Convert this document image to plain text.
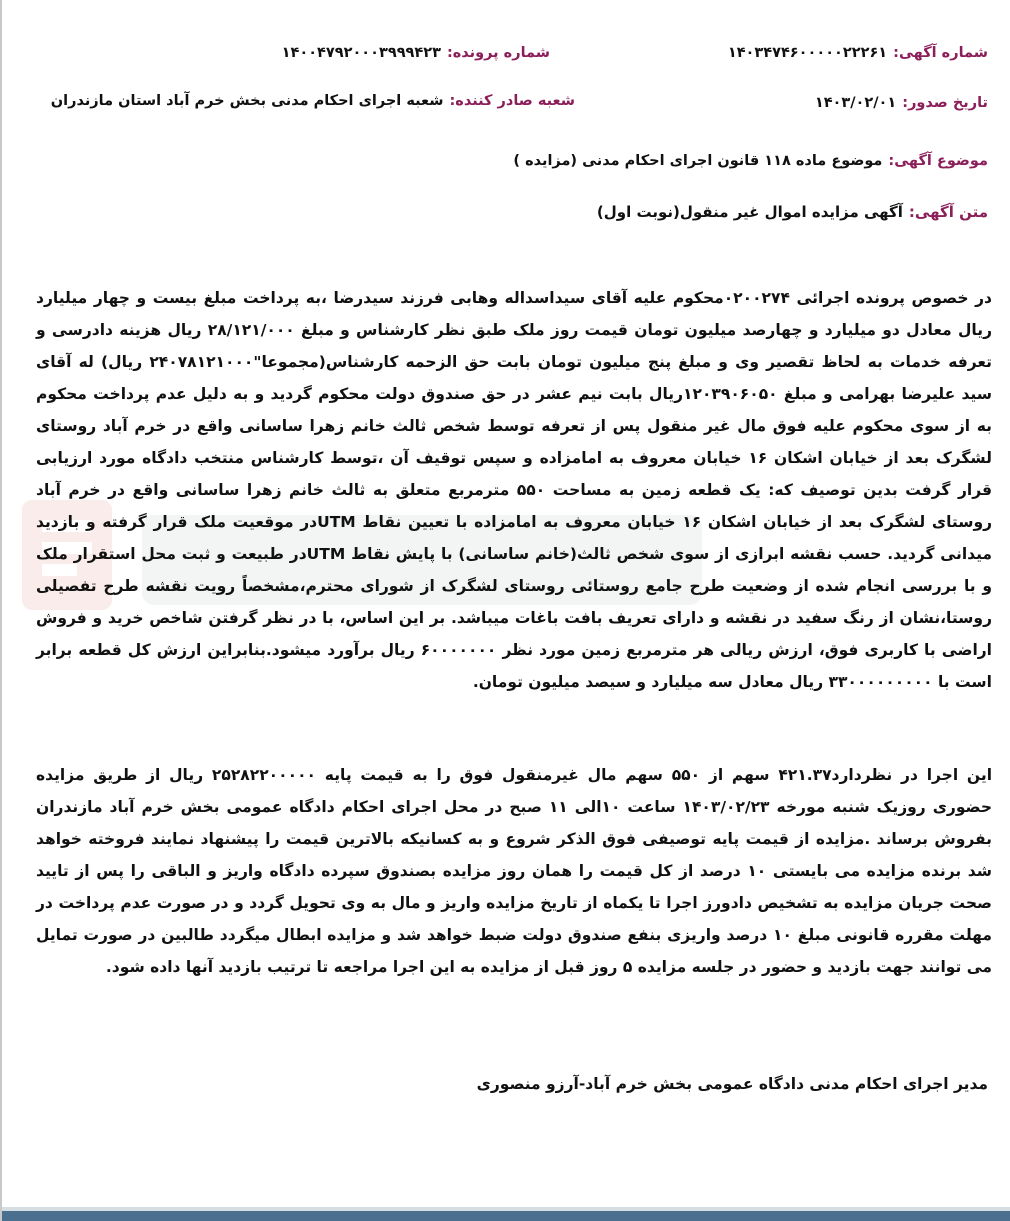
شماره آگهی:۱۴۰۳۴۷۴۶۰۰۰۰۰۲۲۲۶۱
شماره پرونده:۱۴۰۰۴۷۹۲۰۰۰۳۹۹۹۴۲۳
تاریخ صدور:۱۴۰۳/۰۲/۰۱
شعبه صادر کننده:شعبه اجرای احکام مدنی بخش خرم آباد استان مازندران
موضوع آگهی:موضوع ماده ۱۱۸ قانون اجرای احکام مدنی (مزایده )
متن آگهی:آگهی مزایده اموال غیر منقول(نوبت اول)
در خصوص پرونده اجرائی ۰۲۰۰۲۷۴محکوم علیه آقای سیداسداله وهابی فرزند سیدرضا ،به پرداخت مبلغ بیست و چهار میلیارد ریال معادل دو میلیارد و چهارصد میلیون تومان قیمت روز ملک طبق نظر کارشناس و مبلغ ۲۸/۱۲۱/۰۰۰ ریال هزینه دادرسی و تعرفه خدمات به لحاظ تقصیر وی و مبلغ پنج میلیون تومان بابت حق الزحمه کارشناس(مجموعا"۲۴۰۷۸۱۲۱۰۰۰ ریال) له آقای سید علیرضا بهرامی و مبلغ ۱۲۰۳۹۰۶۰۵۰ریال بابت نیم عشر در حق صندوق دولت محکوم گردید و به دلیل عدم پرداخت محکوم به از سوی محکوم علیه فوق مال غیر منقول پس از تعرفه توسط شخص ثالث خانم زهرا ساسانی واقع در خرم آباد روستای لشگرک بعد از خیابان اشکان ۱۶ خیابان معروف به امامزاده و سپس توقیف آن ،توسط کارشناس منتخب دادگاه مورد ارزیابی قرار گرفت بدین توصیف که: یک قطعه زمین به مساحت ۵۵۰ مترمربع متعلق به ثالث خانم زهرا ساسانی واقع در خرم آباد روستای لشگرک بعد از خیابان اشکان ۱۶ خیابان معروف به امامزاده با تعیین نقاط UTMدر موقعیت ملک قرار گرفته و بازدید میدانی گردید. حسب نقشه ابرازی از سوی شخص ثالث(خانم ساسانی) با پایش نقاط UTMدر طبیعت و ثبت محل استقرار ملک و با بررسی انجام شده از وضعیت طرح جامع روستائی روستای لشگرک از شورای محترم،مشخصاً رویت نقشه طرح تفصیلی روستا،نشان از رنگ سفید در نقشه و دارای تعریف بافت باغات میباشد. بر این اساس، با در نظر گرفتن شاخص خرید و فروش اراضی با کاربری فوق، ارزش ریالی هر مترمربع زمین مورد نظر ۶۰۰۰۰۰۰۰ ریال برآورد میشود.بنابراین ارزش کل قطعه برابر است با ۳۳۰۰۰۰۰۰۰۰۰ ریال معادل سه میلیارد و سیصد میلیون تومان.
این اجرا در نظردارد۴۲۱.۳۷ سهم از ۵۵۰ سهم مال غیرمنقول فوق را به قیمت پایه ۲۵۲۸۲۲۰۰۰۰۰ ریال از طریق مزایده حضوری روزیک شنبه مورخه ۱۴۰۳/۰۲/۲۳ ساعت ۱۰الی ۱۱ صبح در محل اجرای احکام دادگاه عمومی بخش خرم آباد مازندران بفروش برساند .مزایده از قیمت پایه توصیفی فوق الذکر شروع و به کسانیکه بالاترین قیمت را پیشنهاد نمایند فروخته خواهد شد برنده مزایده می بایستی ۱۰ درصد از کل قیمت را همان روز مزایده بصندوق سپرده دادگاه واریز و الباقی را پس از تایید صحت جریان مزایده به تشخیص دادورز اجرا تا یکماه از تاریخ مزایده واریز و مال به وی تحویل گردد و در صورت عدم پرداخت در مهلت مقرره قانونی مبلغ ۱۰ درصد واریزی بنفع صندوق دولت ضبط خواهد شد و مزایده ابطال میگردد طالبین در صورت تمایل می توانند جهت بازدید و حضور در جلسه مزایده ۵ روز قبل از مزایده به این اجرا مراجعه تا ترتیب بازدید آنها داده شود.
مدیر اجرای احکام مدنی دادگاه عمومی بخش خرم آباد-آرزو منصوری
